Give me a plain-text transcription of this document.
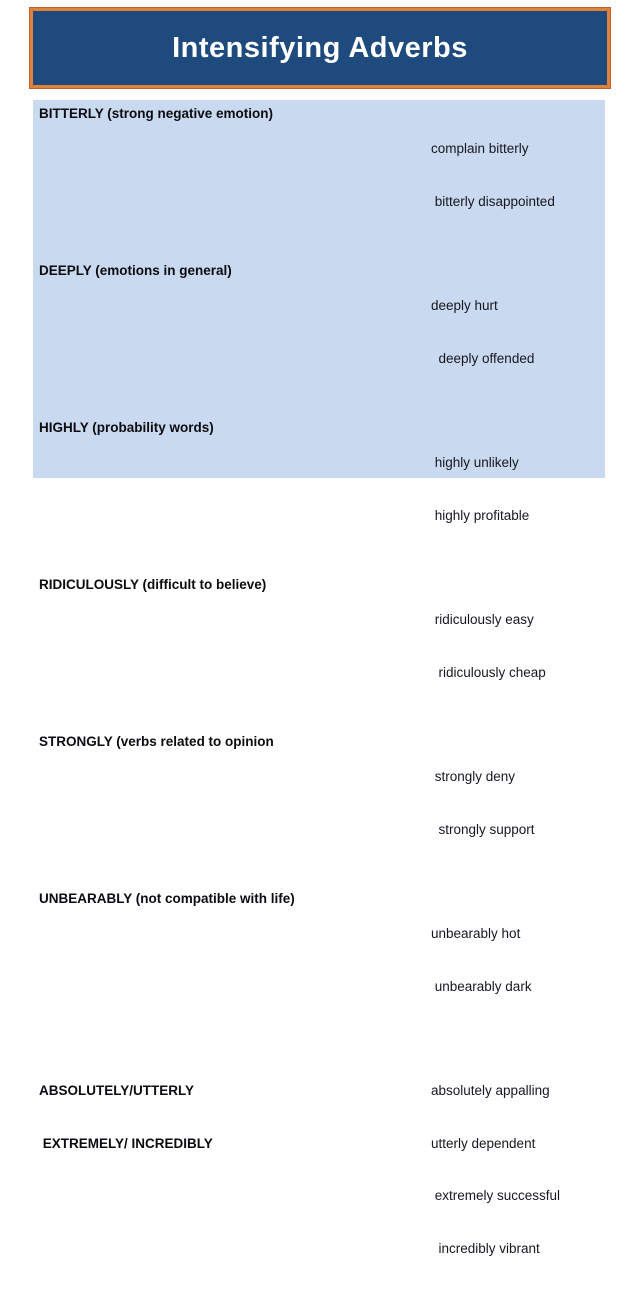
Intensifying Adverbs
BITTERLY (strong negative emotion)

complain bitterly

bitterly disappointed

DEEPLY (emotions in general)

deeply hurt

deeply offended

HIGHLY (probability words)

highly unlikely

highly profitable

RIDICULOUSLY (difficult to believe)

ridiculously easy

ridiculously cheap

STRONGLY (verbs related to opinion

strongly deny

strongly support

UNBEARABLY (not compatible with life)

unbearably hot

unbearably dark

ABSOLUTELY/UTTERLY

EXTREMELY/ INCREDIBLY

absolutely appalling

utterly dependent

extremely successful

incredibly vibrant
